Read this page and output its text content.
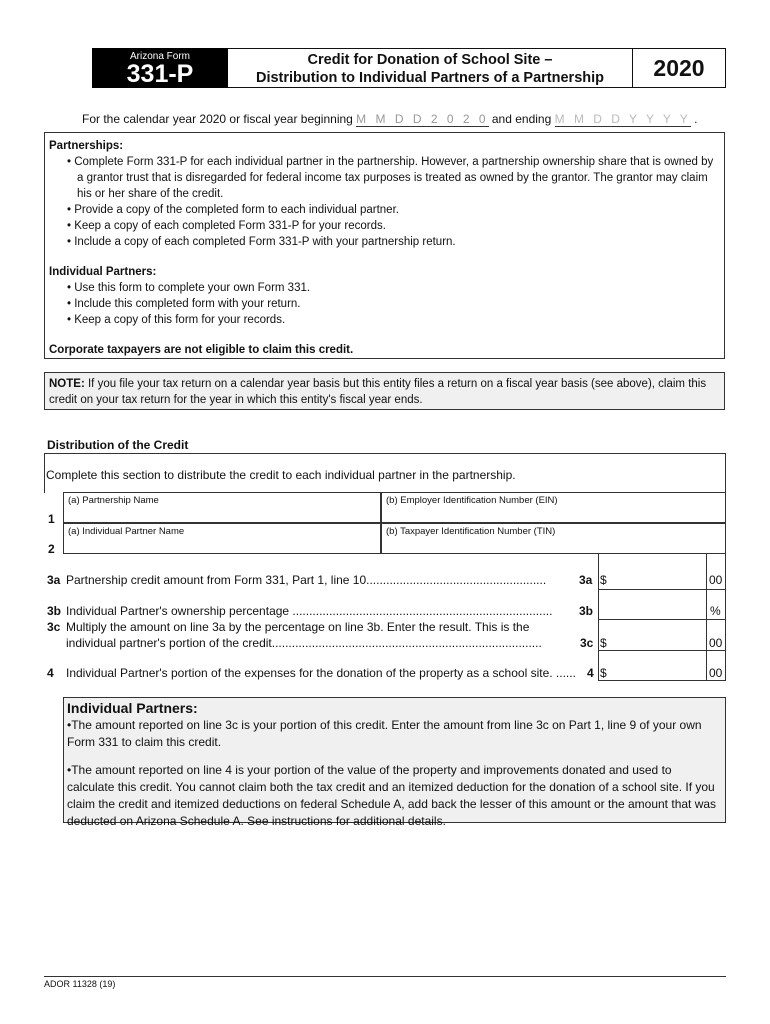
Arizona Form
331-P	Credit for Donation of School Site –
Distribution to Individual Partners of a Partnership	2020
For the calendar year 2020 or fiscal year beginning M M D D 2 0 2 0 and ending M M D D Y Y Y Y .

Partnerships:

• Complete Form 331-P for each individual partner in the partnership. However, a partnership ownership share that is owned by a grantor trust that is disregarded for federal income tax purposes is treated as owned by the grantor. The grantor may claim his or her share of the credit.

• Provide a copy of the completed form to each individual partner.

• Keep a copy of each completed Form 331-P for your records.

• Include a copy of each completed Form 331-P with your partnership return.

Individual Partners:

• Use this form to complete your own Form 331.

• Include this completed form with your return.

• Keep a copy of this form for your records.

Corporate taxpayers are not eligible to claim this credit.

NOTE: If you file your tax return on a calendar year basis but this entity files a return on a fiscal year basis (see above), claim this credit on your tax return for the year in which this entity's fiscal year ends.
Distribution of the Credit
Complete this section to distribute the credit to each individual partner in the partnership.
1
(a) Partnership Name	(b) Employer Identification Number (EIN)
2
(a) Individual Partner Name	(b) Taxpayer Identification Number (TIN)
3a Partnership credit amount from Form 331, Part 1, line 10......................................................	3a $	00
3b Individual Partner's ownership percentage .............................................................................. 3b	%
3c Multiply the amount on line 3a by the percentage on line 3b. Enter the result. This is the
individual partner's portion of the credit.................................................................................	3c $	00
4 Individual Partner's portion of the expenses for the donation of the property as a school site. ...... 4 $	00
Individual Partners:
•The amount reported on line 3c is your portion of this credit. Enter the amount from line 3c on Part 1, line 9 of your own Form 331 to claim this credit.
•The amount reported on line 4 is your portion of the value of the property and improvements donated and used to calculate this credit. You cannot claim both the tax credit and an itemized deduction for the donation of a school site. If you claim the credit and itemized deductions on federal Schedule A, add back the lesser of this amount or the amount that was deducted on Arizona Schedule A. See instructions for additional details.
ADOR 11328 (19)
